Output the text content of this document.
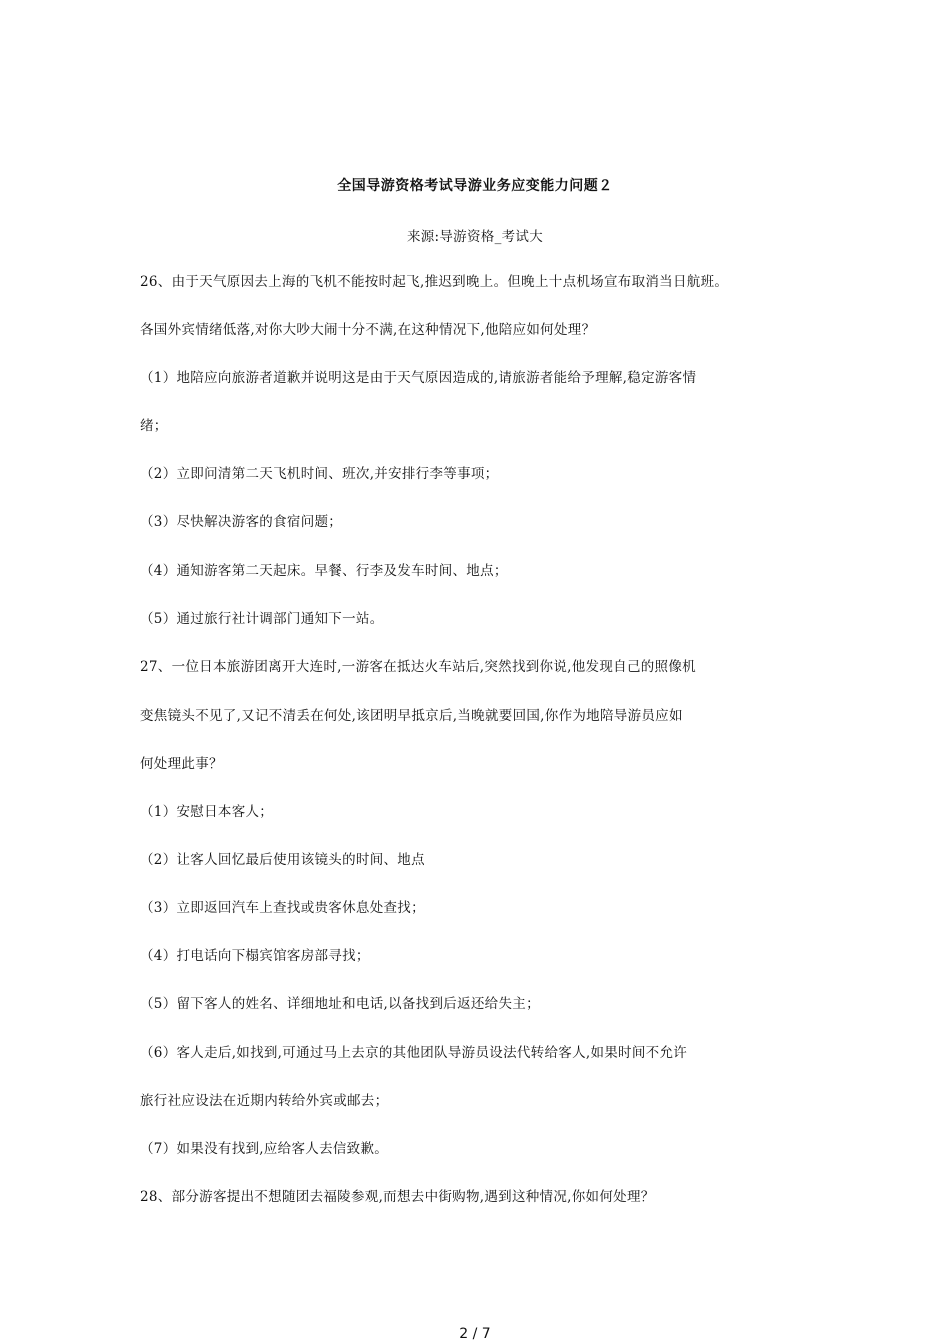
全国导游资格考试导游业务应变能力问题２
来源:导游资格_考试大
26、由于天气原因去上海的飞机不能按时起飞,推迟到晚上。但晚上十点机场宣布取消当日航班。
各国外宾情绪低落,对你大吵大闹十分不满,在这种情况下,他陪应如何处理？
（1）地陪应向旅游者道歉并说明这是由于天气原因造成的,请旅游者能给予理解,稳定游客情
绪；
（2）立即问清第二天飞机时间、班次,并安排行李等事项；
（3）尽快解决游客的食宿问题；
（4）通知游客第二天起床。早餐、行李及发车时间、地点；
（5）通过旅行社计调部门通知下一站。
27、一位日本旅游团离开大连时,一游客在抵达火车站后,突然找到你说,他发现自己的照像机
变焦镜头不见了,又记不清丢在何处,该团明早抵京后,当晚就要回国,你作为地陪导游员应如
何处理此事？
（1）安慰日本客人；
（2）让客人回忆最后使用该镜头的时间、地点
（3）立即返回汽车上查找或贵客休息处查找；
（4）打电话向下榻宾馆客房部寻找；
（5）留下客人的姓名、详细地址和电话,以备找到后返还给失主；
（6）客人走后,如找到,可通过马上去京的其他团队导游员设法代转给客人,如果时间不允许
旅行社应设法在近期内转给外宾或邮去；
（7）如果没有找到,应给客人去信致歉。
28、部分游客提出不想随团去福陵参观,而想去中街购物,遇到这种情况,你如何处理？
2 / 7
